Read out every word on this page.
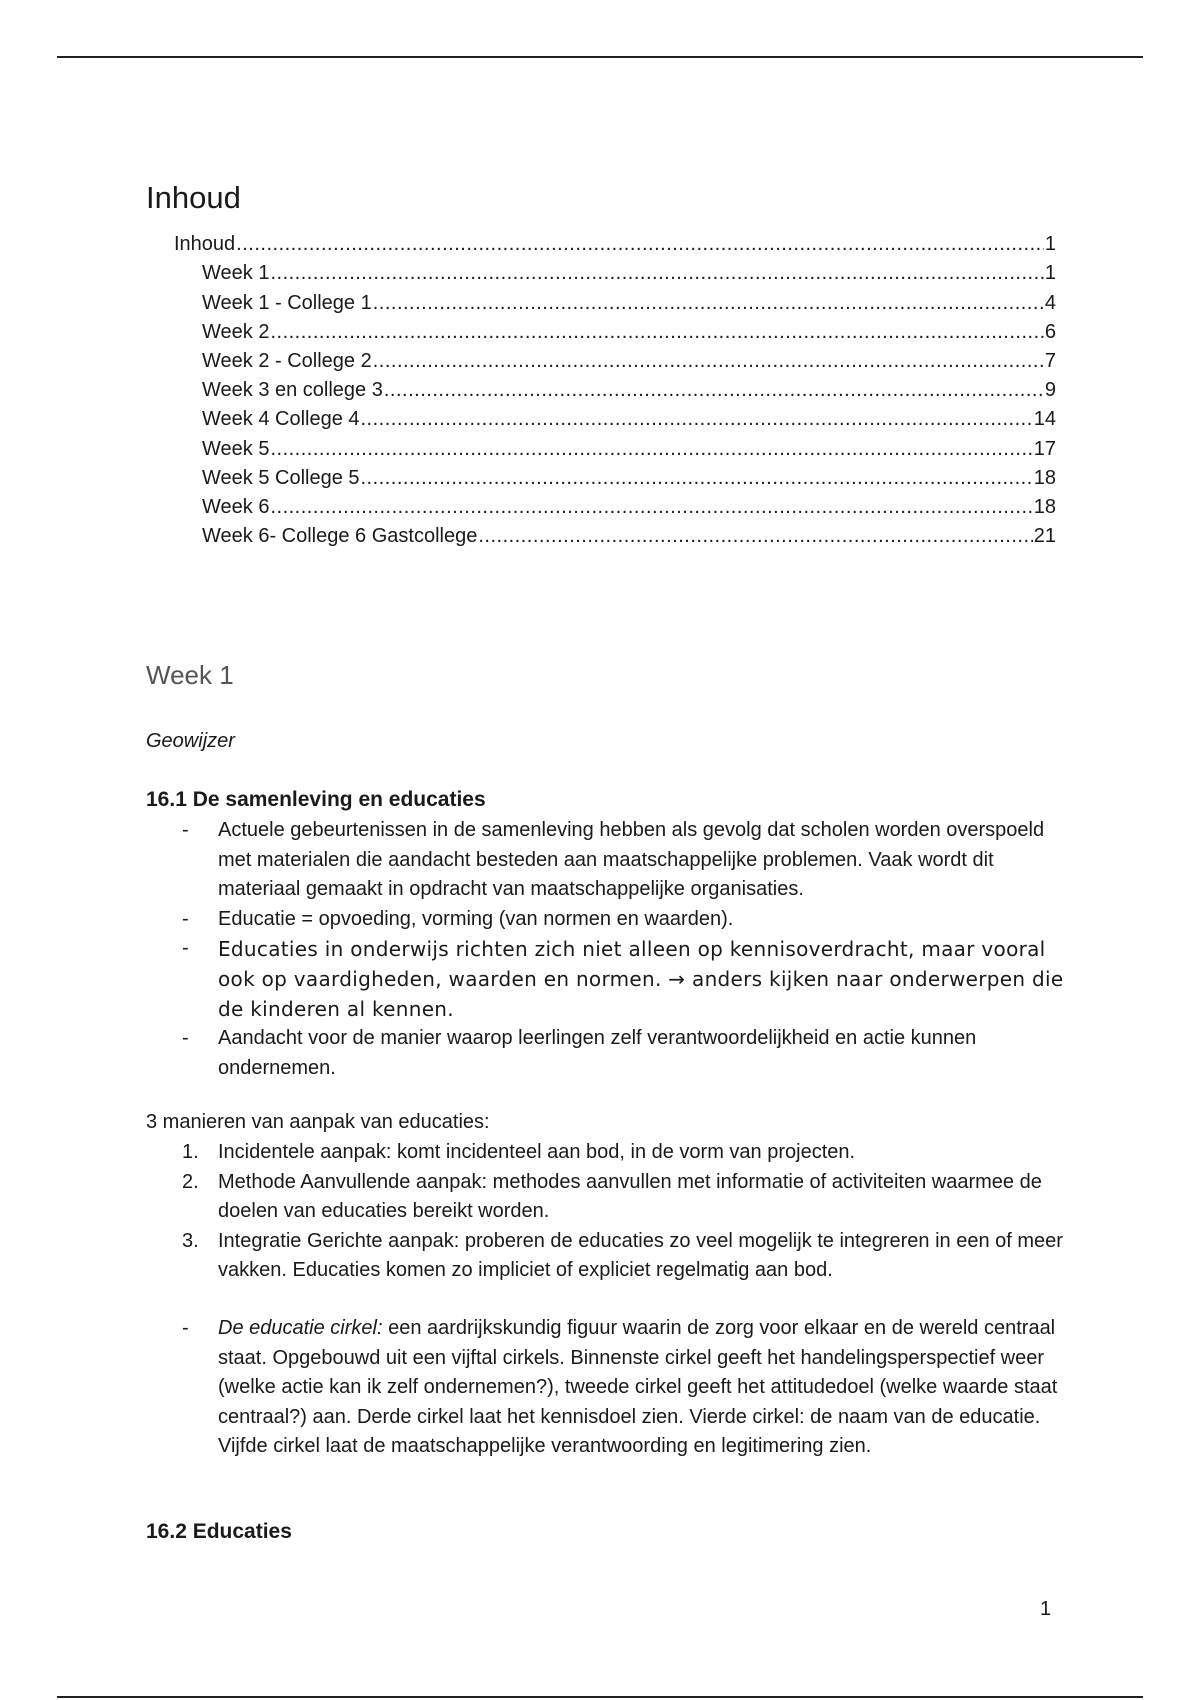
Inhoud
Inhoud .....	1
Week 1 .....	1
Week 1 - College 1 .....	4
Week 2 .....	6
Week 2 - College 2 .....	7
Week 3 en college 3 .....	9
Week 4 College 4 .....	14
Week 5 .....	17
Week 5 College 5 .....	18
Week 6 .....	18
Week 6- College 6 Gastcollege .....	21
Week 1

Geowijzer

16.1 De samenleving en educaties
-	Actuele gebeurtenissen in de samenleving hebben als gevolg dat scholen worden overspoeld met materialen die aandacht besteden aan maatschappelijke problemen. Vaak wordt dit materiaal gemaakt in opdracht van maatschappelijke organisaties.
-	Educatie = opvoeding, vorming (van normen en waarden).
-	Educaties in onderwijs richten zich niet alleen op kennisoverdracht, maar vooral ook op vaardigheden, waarden en normen. → anders kijken naar onderwerpen die de kinderen al kennen.
-	Aandacht voor de manier waarop leerlingen zelf verantwoordelijkheid en actie kunnen ondernemen.

3 manieren van aanpak van educaties:

1. Incidentele aanpak: komt incidenteel aan bod, in de vorm van projecten.
2. Methode Aanvullende aanpak: methodes aanvullen met informatie of activiteiten waarmee de doelen van educaties bereikt worden.
3. Integratie Gerichte aanpak: proberen de educaties zo veel mogelijk te integreren in een of meer vakken. Educaties komen zo impliciet of expliciet regelmatig aan bod.
-	De educatie cirkel: een aardrijkskundig figuur waarin de zorg voor elkaar en de wereld centraal staat. Opgebouwd uit een vijftal cirkels. Binnenste cirkel geeft het handelingsperspectief weer (welke actie kan ik zelf ondernemen?), tweede cirkel geeft het attitudedoel (welke waarde staat centraal?) aan. Derde cirkel laat het kennisdoel zien. Vierde cirkel: de naam van de educatie. Vijfde cirkel laat de maatschappelijke verantwoording en legitimering zien.
16.2 Educaties
1
